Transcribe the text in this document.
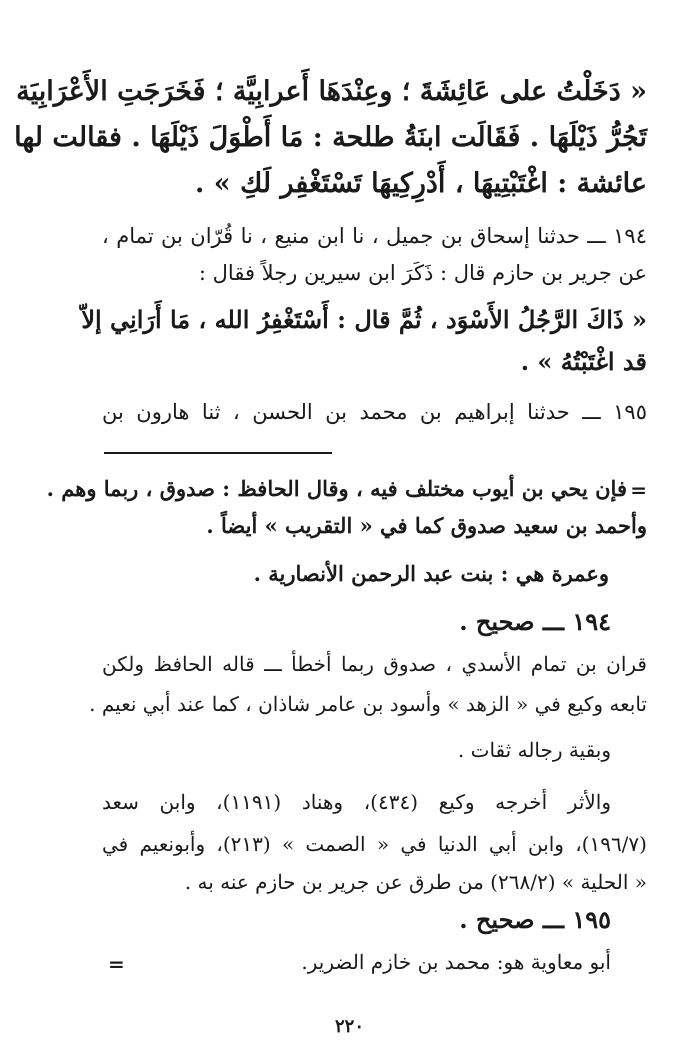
« دَخَلْتُ على عَائِشَةَ ؛ وعِنْدَهَا أَعرابِيَّة ؛ فَخَرَجَتِ الأَعْرَابِيَة
تَجُرُّ ذَيْلَهَا . فَقَالَت ابنَةُ طلحة : مَا أَطْوَلَ ذَيْلَهَا . فقالت لها
عائشة : اغْتَبْتِيهَا ، أَدْرِكِيهَا تَسْتَغْفِر لَكِ » .
١٩٤ ـــ حدثنا إسحاق بن جميل ، نا ابن منيع ، نا قُرّان بن تمام ،
عن جرير بن حازم قال : ذَكَرَ ابن سيرين رجلاً فقال :
« ذَاكَ الرَّجُلُ الأَسْوَد ، ثُمَّ قال : أَسْتَغْفِرُ الله ، مَا أَرَانِي إلاّ
قد اغْتَبْتُهُ » .
١٩٥ ـــ حدثنا إبراهيم بن محمد بن الحسن ، ثنا هارون بن
فإن يحي بن أيوب مختلف فيه ، وقال الحافظ : صدوق ، ربما وهم . =
وأحمد بن سعيد صدوق كما في « التقريب » أيضاً .
وعمرة هي : بنت عبد الرحمن الأنصارية .
١٩٤ ـــ صحيح .
قران بن تمام الأسدي ، صدوق ربما أخطأ ـــ قاله الحافظ ولكن
تابعه وكيع في « الزهد » وأسود بن عامر شاذان ، كما عند أبي نعيم .
وبقية رجاله ثقات .
والأثر أخرجه وكيع (٤٣٤)، وهناد (١١٩١)، وابن سعد
(١٩٦/٧)، وابن أبي الدنيا في « الصمت » (٢١٣)، وأبونعيم في
« الحلية » (٢٦٨/٢) من طرق عن جرير بن حازم عنه به .
١٩٥ ـــ صحيح .
أبو معاوية هو: محمد بن خازم الضرير.
=
٢٢٠
